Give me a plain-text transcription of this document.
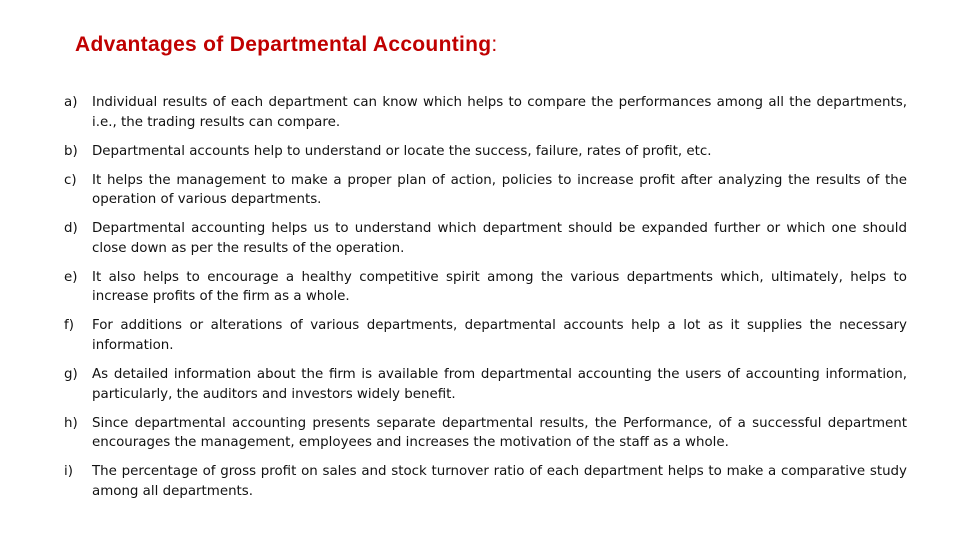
Advantages of Departmental Accounting:
a)	Individual results of each department can know which helps to compare the performances among all the departments, i.e., the trading results can compare.
b)	Departmental accounts help to understand or locate the success, failure, rates of profit, etc.
c)	It helps the management to make a proper plan of action, policies to increase profit after analyzing the results of the operation of various departments.
d)	Departmental accounting helps us to understand which department should be expanded further or which one should close down as per the results of the operation.
e)	It also helps to encourage a healthy competitive spirit among the various departments which, ultimately, helps to increase profits of the firm as a whole.
f)	For additions or alterations of various departments, departmental accounts help a lot as it supplies the necessary information.
g)	As detailed information about the firm is available from departmental accounting the users of accounting information, particularly, the auditors and investors widely benefit.
h)	Since departmental accounting presents separate departmental results, the Performance, of a successful department encourages the management, employees and increases the motivation of the staff as a whole.
i)	The percentage of gross profit on sales and stock turnover ratio of each department helps to make a comparative study among all departments.
